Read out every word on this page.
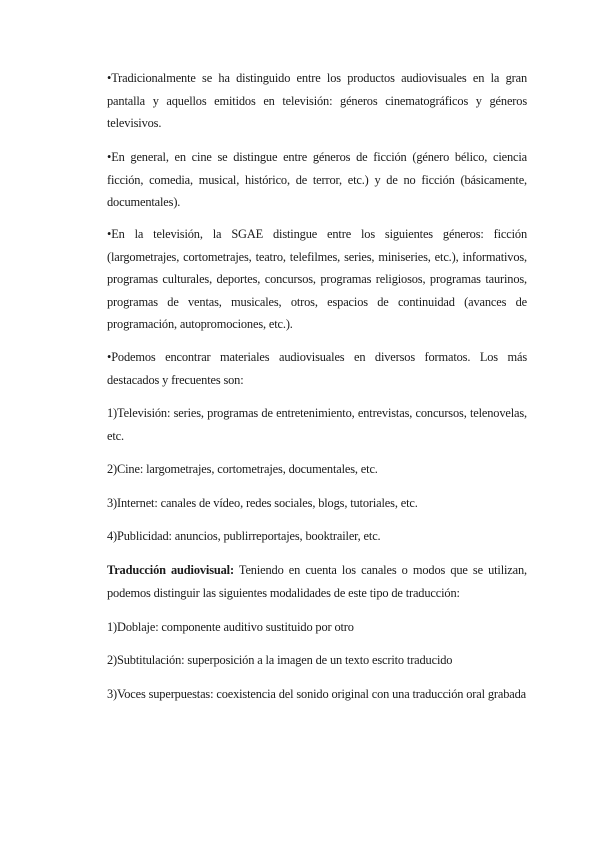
•Tradicionalmente se ha distinguido entre los productos audiovisuales en la gran pantalla y aquellos emitidos en televisión: géneros cinematográficos y géneros televisivos.

•En general, en cine se distingue entre géneros de ficción (género bélico, ciencia ficción, comedia, musical, histórico, de terror, etc.) y de no ficción (básicamente, documentales).

•En la televisión, la SGAE distingue entre los siguientes géneros: ficción (largometrajes, cortometrajes, teatro, telefilmes, series, miniseries, etc.), informativos, programas culturales, deportes, concursos, programas religiosos, programas taurinos, programas de ventas, musicales, otros, espacios de continuidad (avances de programación, autopromociones, etc.).

•Podemos encontrar materiales audiovisuales en diversos formatos. Los más destacados y frecuentes son:

1)Televisión: series, programas de entretenimiento, entrevistas, concursos, telenovelas, etc.

2)Cine: largometrajes, cortometrajes, documentales, etc.

3)Internet: canales de vídeo, redes sociales, blogs, tutoriales, etc.

4)Publicidad: anuncios, publirreportajes, booktrailer, etc.

Traducción audiovisual: Teniendo en cuenta los canales o modos que se utilizan, podemos distinguir las siguientes modalidades de este tipo de traducción:

1)Doblaje: componente auditivo sustituido por otro

2)Subtitulación: superposición a la imagen de un texto escrito traducido

3)Voces superpuestas: coexistencia del sonido original con una traducción oral grabada
